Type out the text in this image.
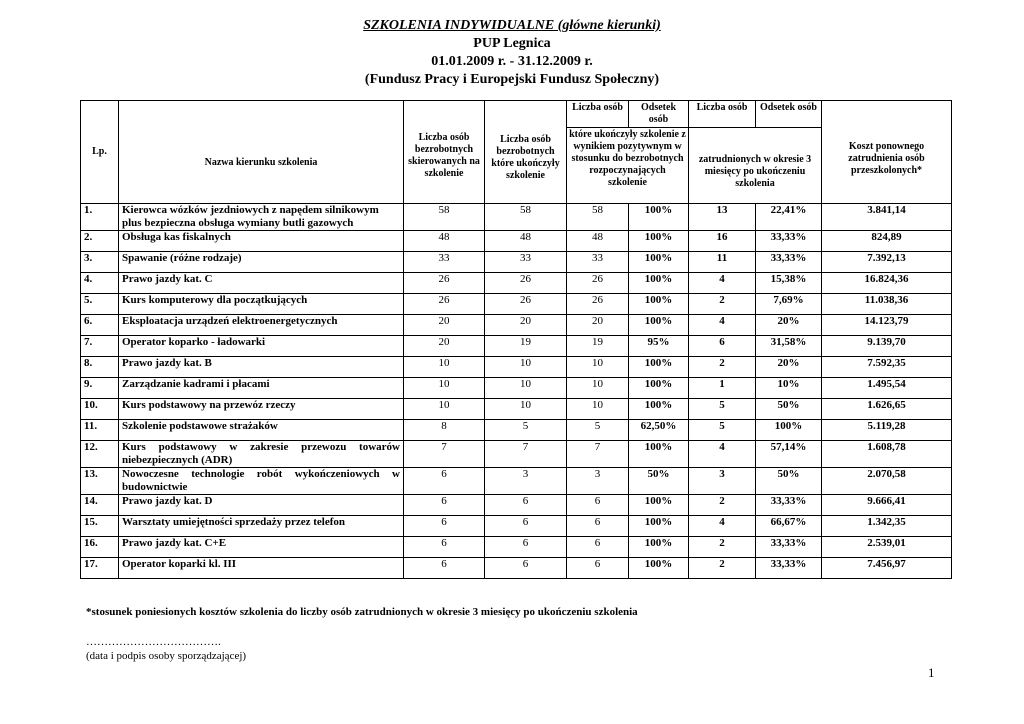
SZKOLENIA INDYWIDUALNE (główne kierunki)
PUP Legnica
01.01.2009 r. - 31.12.2009 r.
(Fundusz Pracy i Europejski Fundusz Społeczny)
Lp.	Nazwa kierunku szkolenia	Liczba osób bezrobotnych skierowanych na szkolenie	Liczba osób bezrobotnych które ukończyły szkolenie	Liczba osób	Odsetek osób	Liczba osób	Odsetek osób	Koszt ponownego zatrudnienia osób przeszkolonych*
				które ukończyły szkolenie z wynikiem pozytywnym w stosunku do bezrobotnych rozpoczynających szkolenie		zatrudnionych w okresie 3 miesięcy po ukończeniu szkolenia		
1.	Kierowca wózków jezdniowych z napędem silnikowym plus bezpieczna obsługa wymiany butli gazowych	58	58	58	100%	13	22,41%	3.841,14
2.	Obsługa kas fiskalnych	48	48	48	100%	16	33,33%	824,89
3.	Spawanie (różne rodzaje)	33	33	33	100%	11	33,33%	7.392,13
4.	Prawo jazdy kat. C	26	26	26	100%	4	15,38%	16.824,36
5.	Kurs komputerowy dla początkujących	26	26	26	100%	2	7,69%	11.038,36
6.	Eksploatacja urządzeń elektroenergetycznych	20	20	20	100%	4	20%	14.123,79
7.	Operator koparko - ładowarki	20	19	19	95%	6	31,58%	9.139,70
8.	Prawo jazdy kat. B	10	10	10	100%	2	20%	7.592,35
9.	Zarządzanie kadrami i płacami	10	10	10	100%	1	10%	1.495,54
10.	Kurs podstawowy na przewóz rzeczy	10	10	10	100%	5	50%	1.626,65
11.	Szkolenie podstawowe strażaków	8	5	5	62,50%	5	100%	5.119,28
12.	Kurs podstawowy w zakresie przewozu towarów niebezpiecznych (ADR)	7	7	7	100%	4	57,14%	1.608,78
13.	Nowoczesne technologie robót wykończeniowych w budownictwie	6	3	3	50%	3	50%	2.070,58
14.	Prawo jazdy kat. D	6	6	6	100%	2	33,33%	9.666,41
15.	Warsztaty umiejętności sprzedaży przez telefon	6	6	6	100%	4	66,67%	1.342,35
16.	Prawo jazdy kat. C+E	6	6	6	100%	2	33,33%	2.539,01
17.	Operator koparki kl. III	6	6	6	100%	2	33,33%	7.456,97
*stosunek poniesionych kosztów szkolenia do liczby osób zatrudnionych w okresie 3 miesięcy po ukończeniu szkolenia
……………………………….
(data i podpis osoby sporządzającej)
1
